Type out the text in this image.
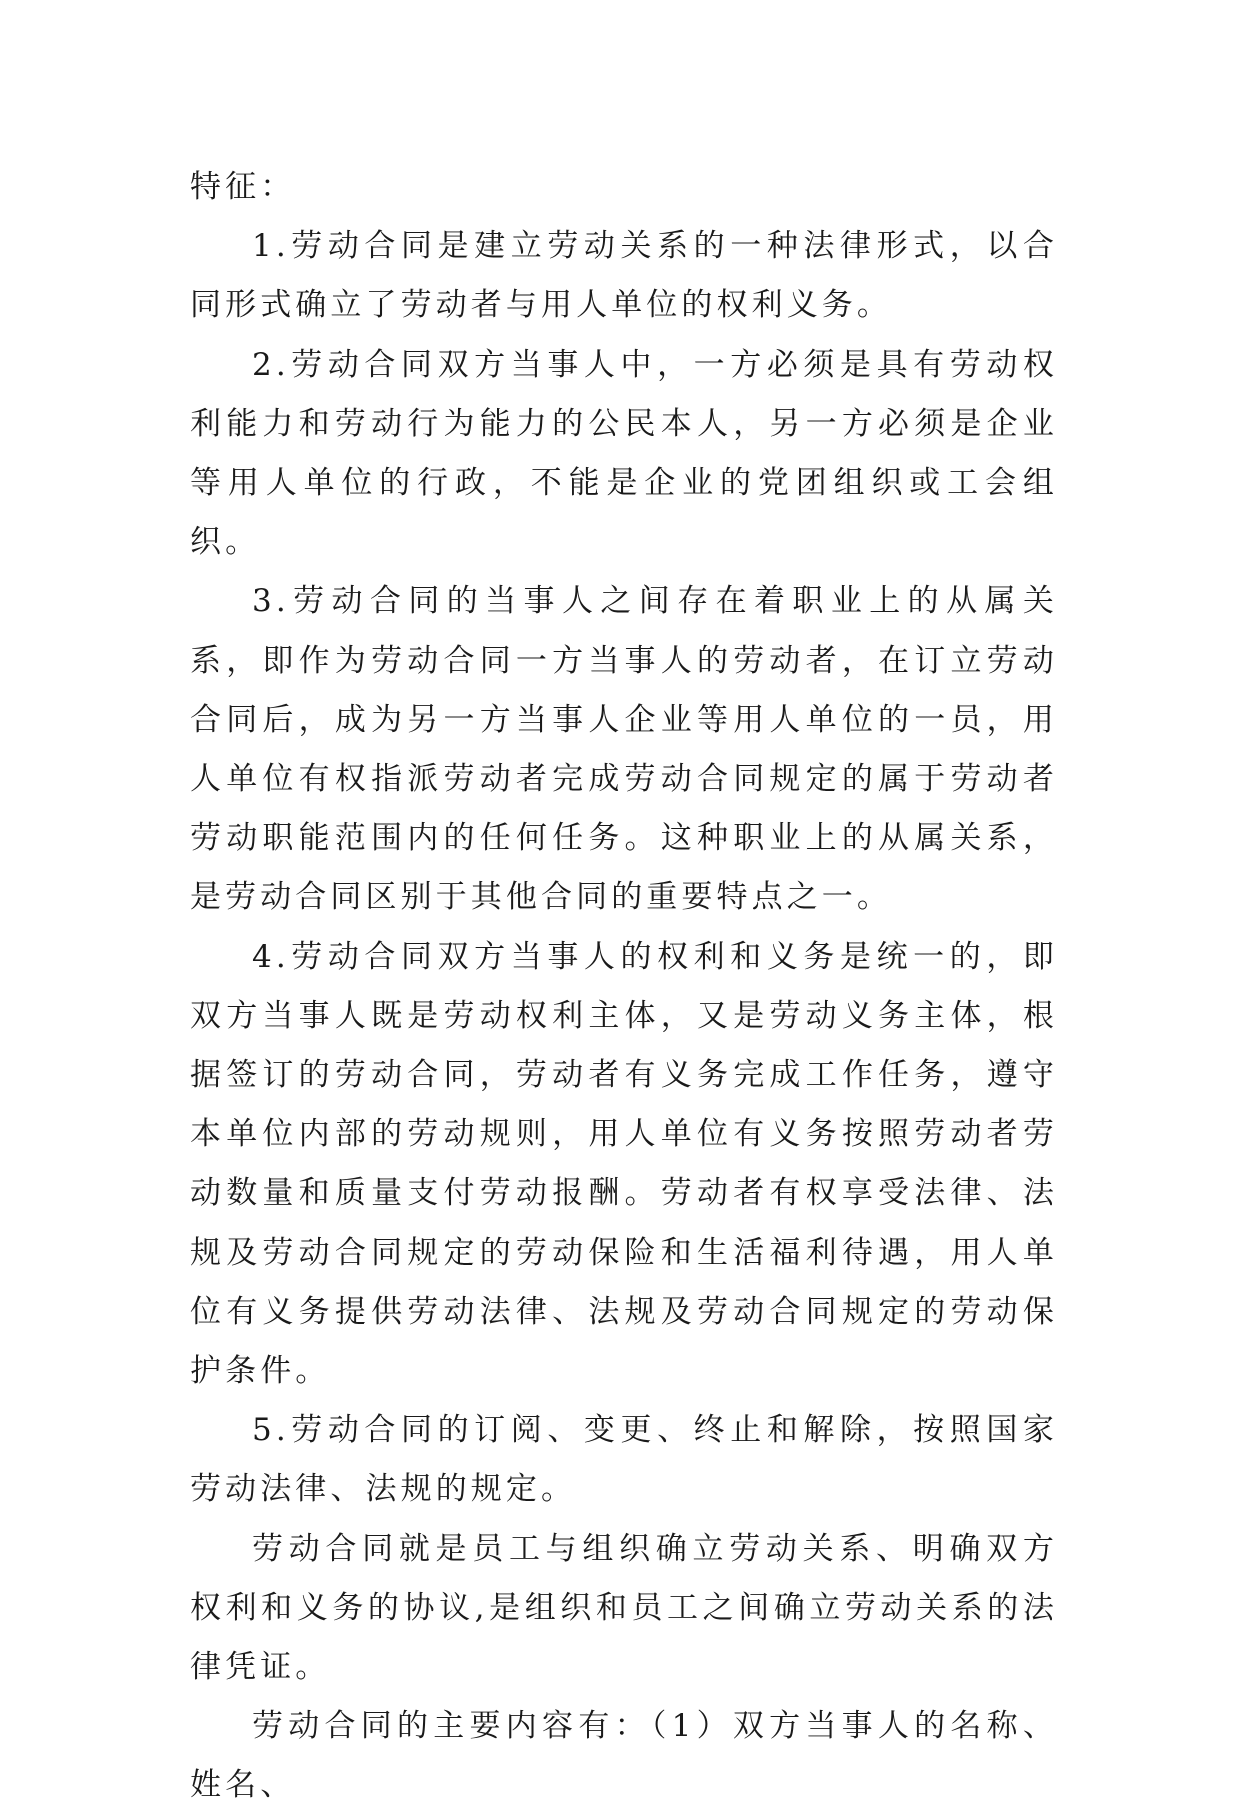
特征：

1.劳动合同是建立劳动关系的一种法律形式，以合同形式确立了劳动者与用人单位的权利义务。

2.劳动合同双方当事人中，一方必须是具有劳动权利能力和劳动行为能力的公民本人，另一方必须是企业等用人单位的行政，不能是企业的党团组织或工会组织。

3.劳动合同的当事人之间存在着职业上的从属关系，即作为劳动合同一方当事人的劳动者，在订立劳动合同后，成为另一方当事人企业等用人单位的一员，用人单位有权指派劳动者完成劳动合同规定的属于劳动者劳动职能范围内的任何任务。这种职业上的从属关系，是劳动合同区别于其他合同的重要特点之一。

4.劳动合同双方当事人的权利和义务是统一的，即双方当事人既是劳动权利主体，又是劳动义务主体，根据签订的劳动合同，劳动者有义务完成工作任务，遵守本单位内部的劳动规则，用人单位有义务按照劳动者劳动数量和质量支付劳动报酬。劳动者有权享受法律、法规及劳动合同规定的劳动保险和生活福利待遇，用人单位有义务提供劳动法律、法规及劳动合同规定的劳动保护条件。

5.劳动合同的订阅、变更、终止和解除，按照国家劳动法律、法规的规定。

劳动合同就是员工与组织确立劳动关系、明确双方权利和义务的协议,是组织和员工之间确立劳动关系的法律凭证。

劳动合同的主要内容有：（1）双方当事人的名称、姓名、
